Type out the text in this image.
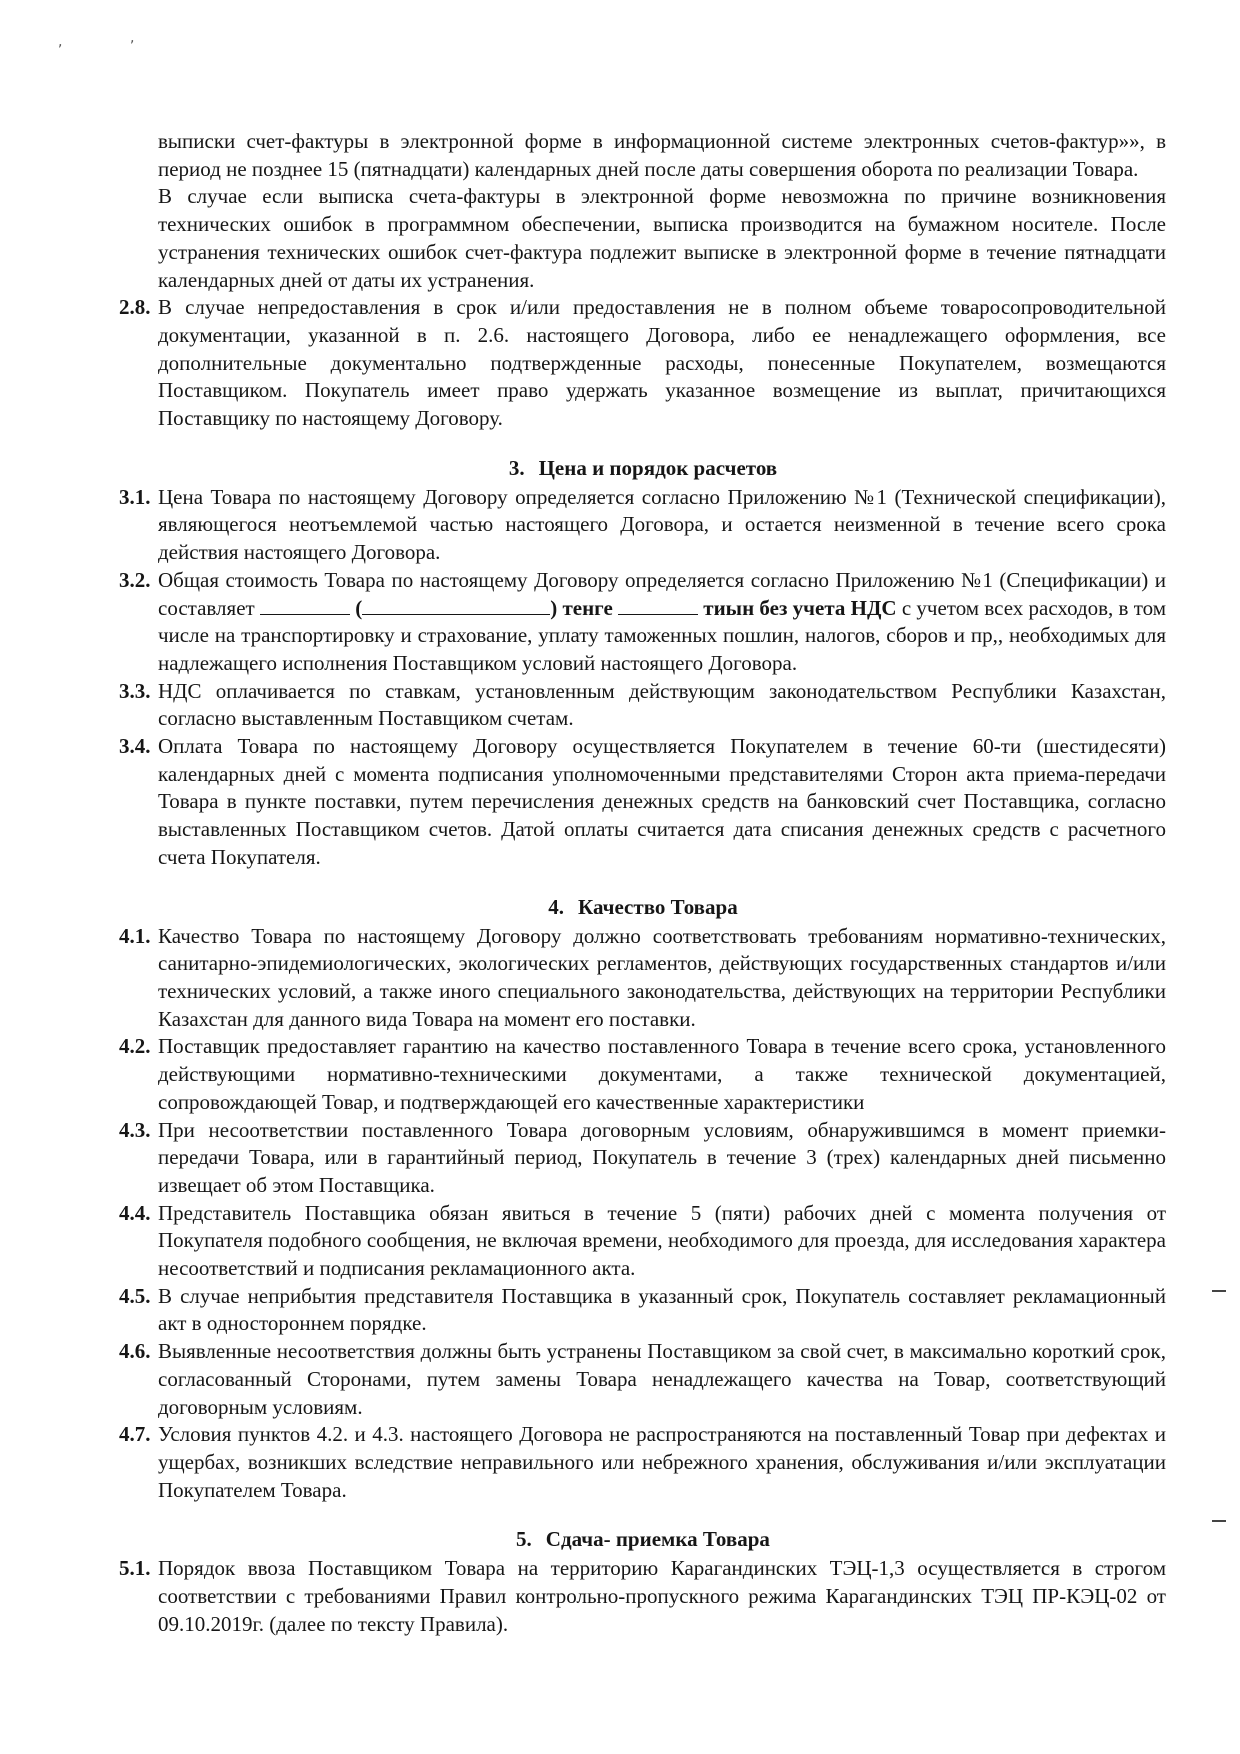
,	,

выписки счет-фактуры в электронной форме в информационной системе электронных счетов-фактур»», в период не позднее 15 (пятнадцати) календарных дней после даты совершения оборота по реализации Товара.

В случае если выписка счета-фактуры в электронной форме невозможна по причине возникновения технических ошибок в программном обеспечении, выписка производится на бумажном носителе. После устранения технических ошибок счет-фактура подлежит выписке в электронной форме в течение пятнадцати календарных дней от даты их устранения.

2.8. В случае непредоставления в срок и/или предоставления не в полном объеме товаросопроводительной документации, указанной в п. 2.6. настоящего Договора, либо ее ненадлежащего оформления, все дополнительные документально подтвержденные расходы, понесенные Покупателем, возмещаются Поставщиком. Покупатель имеет право удержать указанное возмещение из выплат, причитающихся Поставщику по настоящему Договору.
3. Цена и порядок расчетов
3.1. Цена Товара по настоящему Договору определяется согласно Приложению №1 (Технической спецификации), являющегося неотъемлемой частью настоящего Договора, и остается неизменной в течение всего срока действия настоящего Договора.
3.2. Общая стоимость Товара по настоящему Договору определяется согласно Приложению №1 (Спецификации) и составляет	(	) тенге	тиын без учета НДС с учетом всех расходов, в том числе на транспортировку и страхование, уплату таможенных пошлин, налогов, сборов и пр,, необходимых для надлежащего исполнения Поставщиком условий настоящего Договора.
3.3. НДС оплачивается по ставкам, установленным действующим законодательством Республики Казахстан, согласно выставленным Поставщиком счетам.
3.4. Оплата Товара по настоящему Договору осуществляется Покупателем в течение 60-ти (шестидесяти) календарных дней с момента подписания уполномоченными представителями Сторон акта приема-передачи Товара в пункте поставки, путем перечисления денежных средств на банковский счет Поставщика, согласно выставленных Поставщиком счетов. Датой оплаты считается дата списания денежных средств с расчетного счета Покупателя.
4. Качество Товара
4.1. Качество Товара по настоящему Договору должно соответствовать требованиям нормативно-технических, санитарно-эпидемиологических, экологических регламентов, действующих государственных стандартов и/или технических условий, а также иного специального законодательства, действующих на территории Республики Казахстан для данного вида Товара на момент его поставки.
4.2. Поставщик предоставляет гарантию на качество поставленного Товара в течение всего срока, установленного действующими нормативно-техническими документами, а также технической документацией, сопровождающей Товар, и подтверждающей его качественные характеристики
4.3. При несоответствии поставленного Товара договорным условиям, обнаружившимся в момент приемки-передачи Товара, или в гарантийный период, Покупатель в течение 3 (трех) календарных дней письменно извещает об этом Поставщика.
4.4. Представитель Поставщика обязан явиться в течение 5 (пяти) рабочих дней с момента получения от Покупателя подобного сообщения, не включая времени, необходимого для проезда, для исследования характера несоответствий и подписания рекламационного акта.
4.5. В случае неприбытия представителя Поставщика в указанный срок, Покупатель составляет рекламационный акт в одностороннем порядке.
4.6. Выявленные несоответствия должны быть устранены Поставщиком за свой счет, в максимально короткий срок, согласованный Сторонами, путем замены Товара ненадлежащего качества на Товар, соответствующий договорным условиям.
4.7. Условия пунктов 4.2. и 4.3. настоящего Договора не распространяются на поставленный Товар при дефектах и ущербах, возникших вследствие неправильного или небрежного хранения, обслуживания и/или эксплуатации Покупателем Товара.
5. Сдача- приемка Товара
5.1. Порядок ввоза Поставщиком Товара на территорию Карагандинских ТЭЦ-1,3 осуществляется в строгом соответствии с требованиями Правил контрольно-пропускного режима Карагандинских ТЭЦ ПР-КЭЦ-02 от 09.10.2019г. (далее по тексту Правила).
